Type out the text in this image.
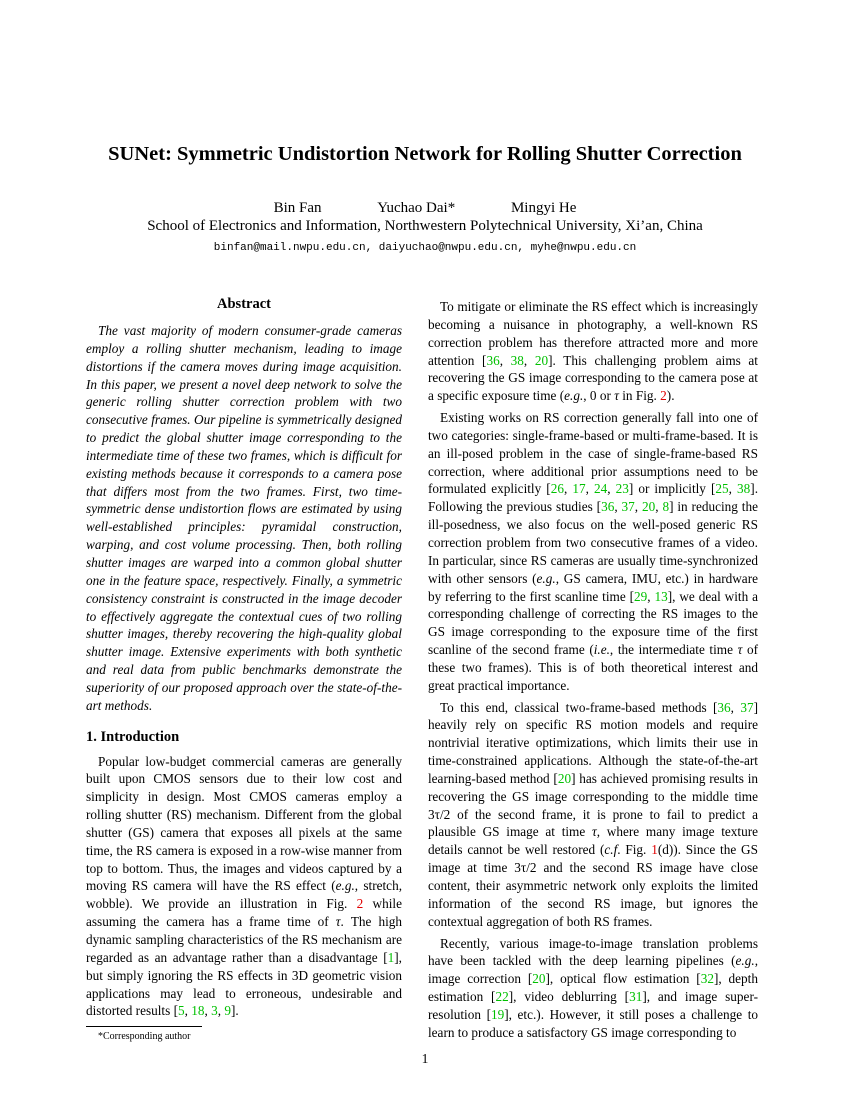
SUNet: Symmetric Undistortion Network for Rolling Shutter Correction
Bin Fan	Yuchao Dai*	Mingyi He
School of Electronics and Information, Northwestern Polytechnical University, Xi’an, China
binfan@mail.nwpu.edu.cn, daiyuchao@nwpu.edu.cn, myhe@nwpu.edu.cn
Abstract

The vast majority of modern consumer-grade cameras employ a rolling shutter mechanism, leading to image distortions if the camera moves during image acquisition. In this paper, we present a novel deep network to solve the generic rolling shutter correction problem with two consecutive frames. Our pipeline is symmetrically designed to predict the global shutter image corresponding to the intermediate time of these two frames, which is difficult for existing methods because it corresponds to a camera pose that differs most from the two frames. First, two time-symmetric dense undistortion flows are estimated by using well-established principles: pyramidal construction, warping, and cost volume processing. Then, both rolling shutter images are warped into a common global shutter one in the feature space, respectively. Finally, a symmetric consistency constraint is constructed in the image decoder to effectively aggregate the contextual cues of two rolling shutter images, thereby recovering the high-quality global shutter image. Extensive experiments with both synthetic and real data from public benchmarks demonstrate the superiority of our proposed approach over the state-of-the-art methods.

1. Introduction

Popular low-budget commercial cameras are generally built upon CMOS sensors due to their low cost and simplicity in design. Most CMOS cameras employ a rolling shutter (RS) mechanism. Different from the global shutter (GS) camera that exposes all pixels at the same time, the RS camera is exposed in a row-wise manner from top to bottom. Thus, the images and videos captured by a moving RS camera will have the RS effect (e.g., stretch, wobble). We provide an illustration in Fig. 2 while assuming the camera has a frame time of τ. The high dynamic sampling characteristics of the RS mechanism are regarded as an advantage rather than a disadvantage [1], but simply ignoring the RS effects in 3D geometric vision applications may lead to erroneous, undesirable and distorted results [5, 18, 3, 9].

To mitigate or eliminate the RS effect which is increasingly becoming a nuisance in photography, a well-known RS correction problem has therefore attracted more and more attention [36, 38, 20]. This challenging problem aims at recovering the GS image corresponding to the camera pose at a specific exposure time (e.g., 0 or τ in Fig. 2).

Existing works on RS correction generally fall into one of two categories: single-frame-based or multi-frame-based. It is an ill-posed problem in the case of single-frame-based RS correction, where additional prior assumptions need to be formulated explicitly [26, 17, 24, 23] or implicitly [25, 38]. Following the previous studies [36, 37, 20, 8] in reducing the ill-posedness, we also focus on the well-posed generic RS correction problem from two consecutive frames of a video. In particular, since RS cameras are usually time-synchronized with other sensors (e.g., GS camera, IMU, etc.) in hardware by referring to the first scanline time [29, 13], we deal with a corresponding challenge of correcting the RS images to the GS image corresponding to the exposure time of the first scanline of the second frame (i.e., the intermediate time τ of these two frames). This is of both theoretical interest and great practical importance.

To this end, classical two-frame-based methods [36, 37] heavily rely on specific RS motion models and require nontrivial iterative optimizations, which limits their use in time-constrained applications. Although the state-of-the-art learning-based method [20] has achieved promising results in recovering the GS image corresponding to the middle time 3τ/2 of the second frame, it is prone to fail to predict a plausible GS image at time τ, where many image texture details cannot be well restored (c.f. Fig. 1(d)). Since the GS image at time 3τ/2 and the second RS image have close content, their asymmetric network only exploits the limited information of the second RS image, but ignores the contextual aggregation of both RS frames.

Recently, various image-to-image translation problems have been tackled with the deep learning pipelines (e.g., image correction [20], optical flow estimation [32], depth estimation [22], video deblurring [31], and image super-resolution [19], etc.). However, it still poses a challenge to learn to produce a satisfactory GS image corresponding to

*Corresponding author
1
